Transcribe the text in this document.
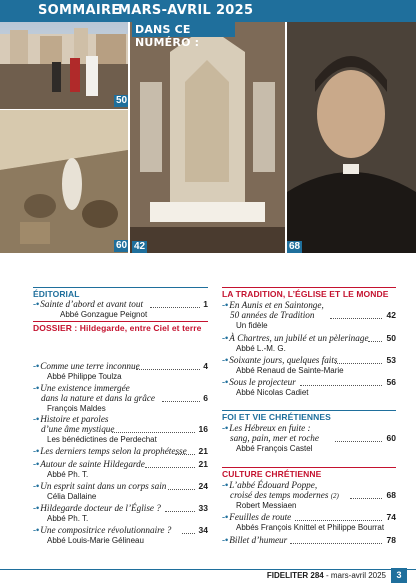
SOMMAIRE
MARS-AVRIL 2025
50
60 42
DANS CE NUMÉRO :
68
ÉDITORIAL
-•Sainte d’abord et avant tout	1
Abbé Gonzague Peignot
DOSSIER : Hildegarde, entre Ciel et terre
-•Comme une terre inconnue	4
Abbé Philippe Toulza
-•Une existence immergée
dans la nature et dans la grâce	6
François Maldes
-•Histoire et paroles
d’une âme mystique	16
Les bénédictines de Perdechat
-•Les derniers temps selon la prophétesse	21
-•Autour de sainte Hildegarde	21
Abbé Ph. T.
-•Un esprit saint dans un corps sain	24
Célia Dallaine
-•Hildegarde docteur de l’Église ?	33
Abbé Ph. T.
-•Une compositrice révolutionnaire ?	34
Abbé Louis-Marie Gélineau
LA TRADITION, L’ÉGLISE ET LE MONDE
-•En Aunis et en Saintonge,
50 années de Tradition	42
Un fidèle
-•À Chartres, un jubilé et un pèlerinage	50
Abbé L.-M. G.
-•Soixante jours, quelques faits	53
Abbé Renaud de Sainte-Marie
-•Sous le projecteur	56
Abbé Nicolas Cadiet
FOI ET VIE CHRÉTIENNES
-•Les Hébreux en fuite :
sang, pain, mer et roche	60
Abbé François Castel
CULTURE CHRÉTIENNE
-•L’abbé Édouard Poppe,
croisé des temps modernes (2)	68
Robert Messiaen
-•Feuilles de route	74
Abbés François Knittel et Philippe Bourrat
-•Billet d’humeur	78
FIDELITER 284 - mars-avril 2025	3
